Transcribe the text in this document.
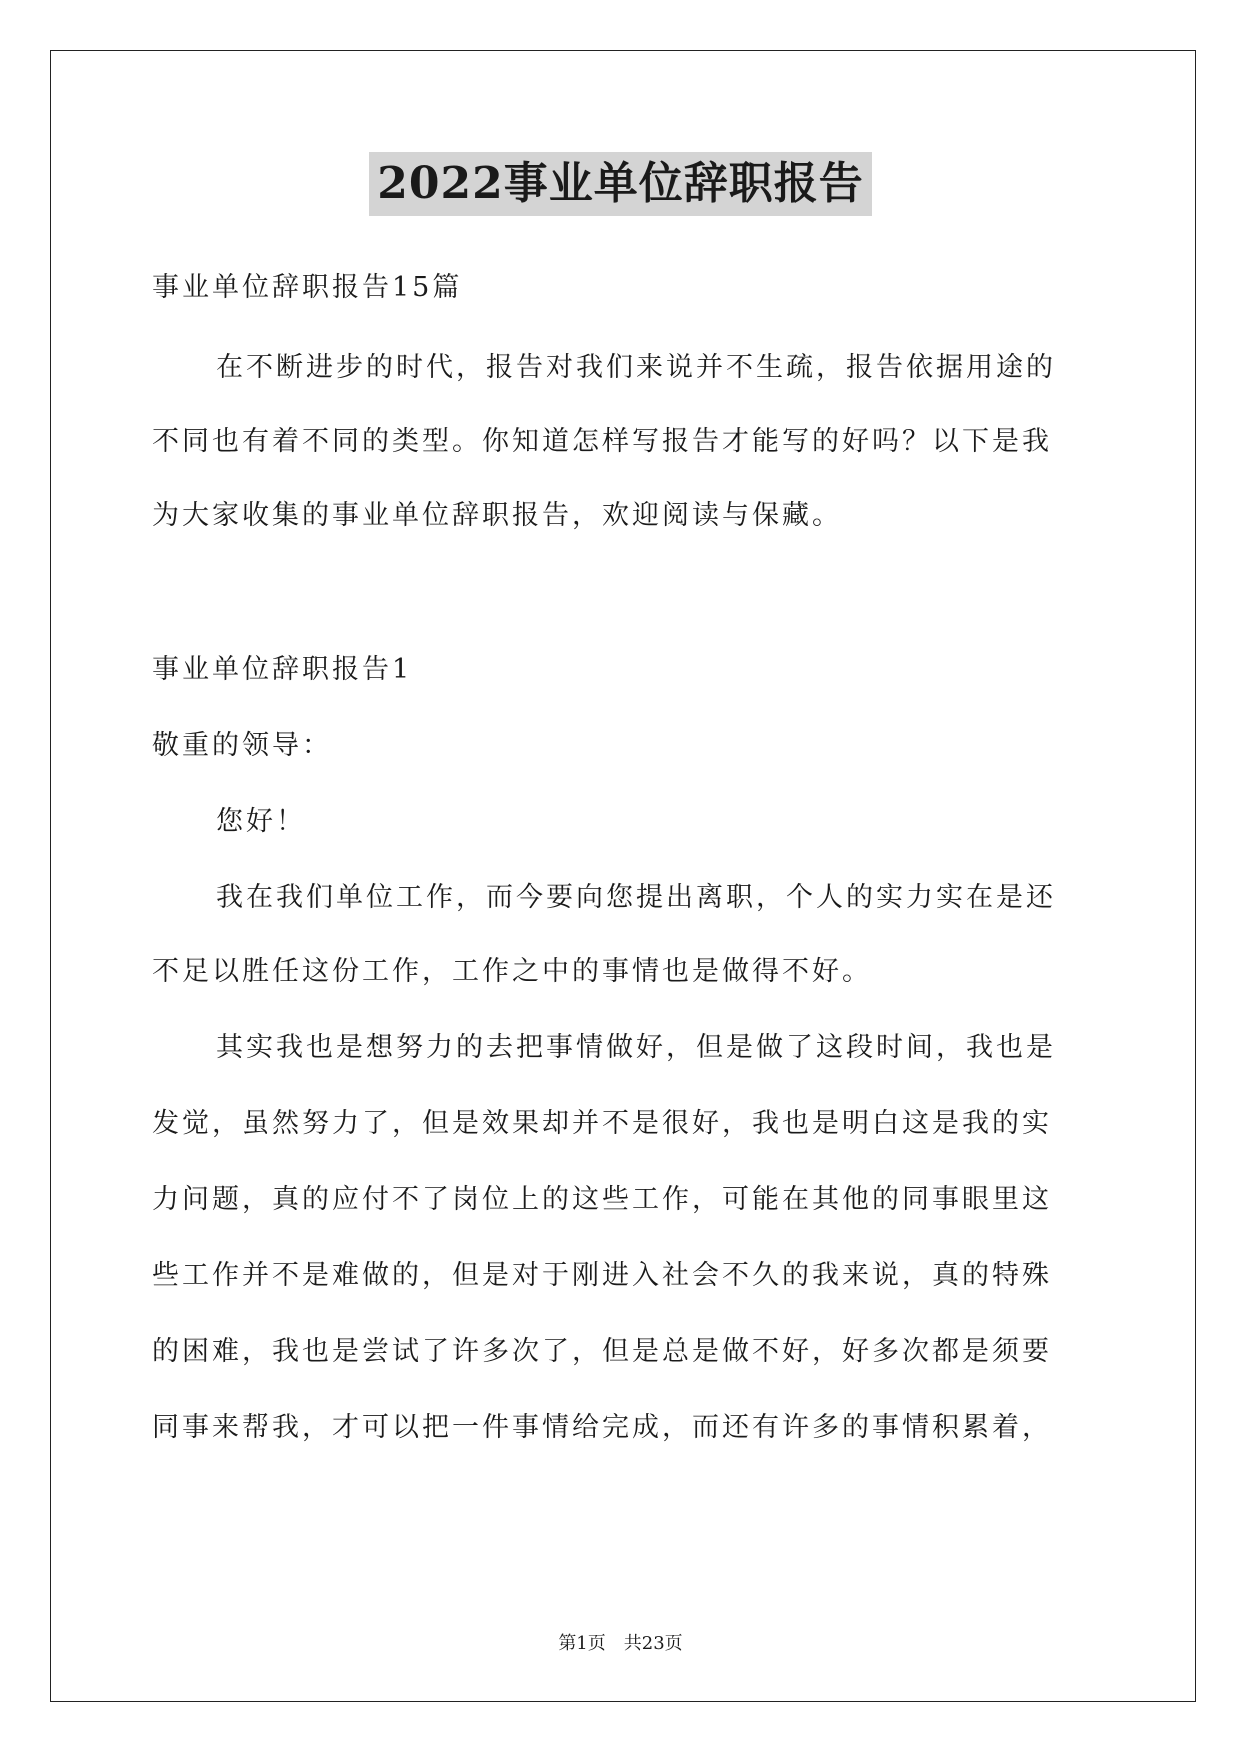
2022事业单位辞职报告
事业单位辞职报告15篇
在不断进步的时代，报告对我们来说并不生疏，报告依据用途的
不同也有着不同的类型。你知道怎样写报告才能写的好吗？以下是我
为大家收集的事业单位辞职报告，欢迎阅读与保藏。
事业单位辞职报告1
敬重的领导：
您好！
我在我们单位工作，而今要向您提出离职，个人的实力实在是还
不足以胜任这份工作，工作之中的事情也是做得不好。
其实我也是想努力的去把事情做好，但是做了这段时间，我也是
发觉，虽然努力了，但是效果却并不是很好，我也是明白这是我的实
力问题，真的应付不了岗位上的这些工作，可能在其他的同事眼里这
些工作并不是难做的，但是对于刚进入社会不久的我来说，真的特殊
的困难，我也是尝试了许多次了，但是总是做不好，好多次都是须要
同事来帮我，才可以把一件事情给完成，而还有许多的事情积累着，
第1页　共23页
